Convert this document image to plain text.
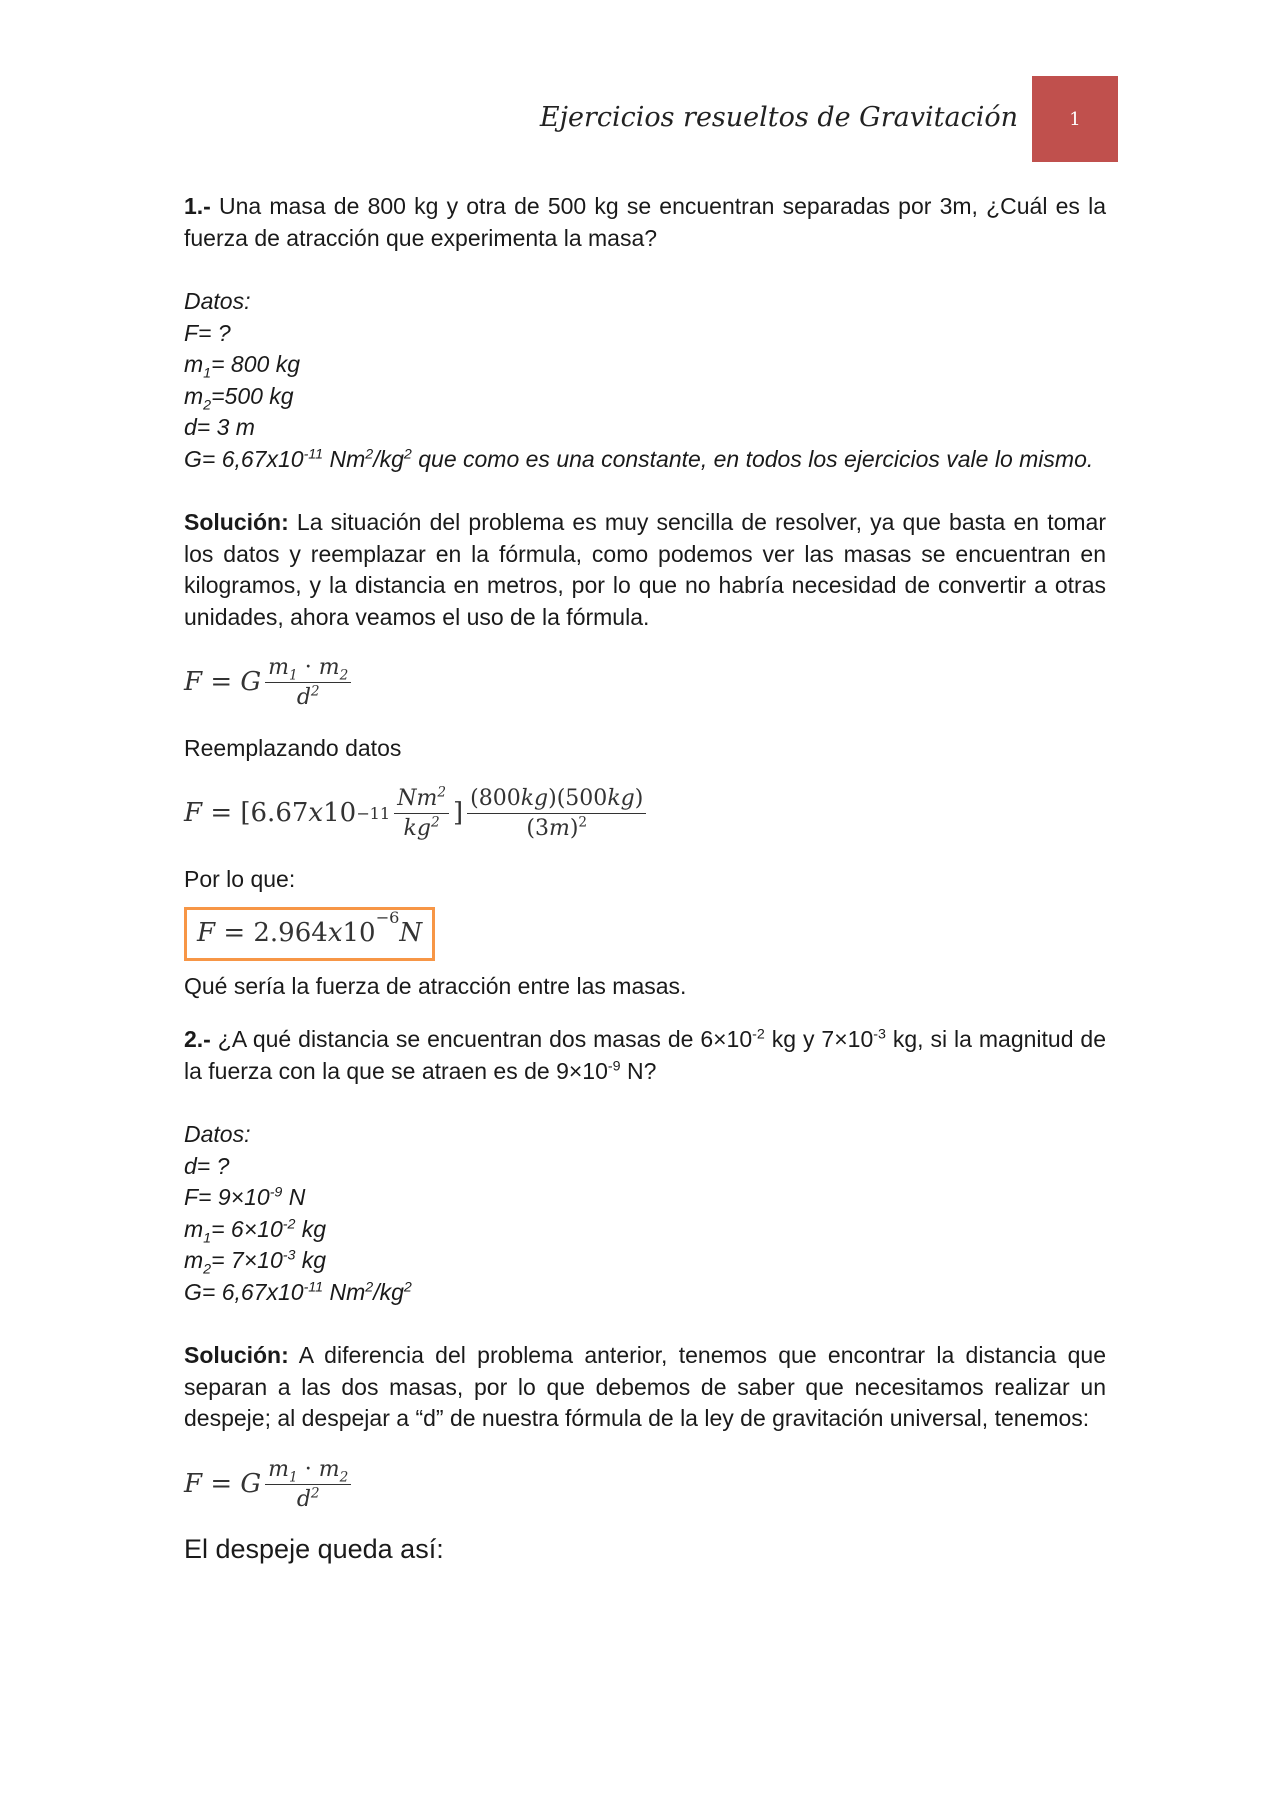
Ejercicios resueltos de Gravitación	1

1.- Una masa de 800 kg y otra de 500 kg se encuentran separadas por 3m, ¿Cuál es la fuerza de atracción que experimenta la masa?

Datos:

F= ?

$m_1= 800$ kg

$m_2=500$ kg

d= 3 m

$G= 6,67x10^{-11}$ $Nm^2/kg^2$ que como es una constante, en todos los ejercicios vale lo mismo.

Solución: La situación del problema es muy sencilla de resolver, ya que basta en tomar los datos y reemplazar en la fórmula, como podemos ver las masas se encuentran en kilogramos, y la distancia en metros, por lo que no habría necesidad de convertir a otras unidades, ahora veamos el uso de la fórmula.

F = G $\frac{m_1 \cdot m_2}{d^2}$

Reemplazando datos

F =
[6.67 x $10 -11 \frac{Nm^2}{kg^2}$ ] $\frac{(800kg)(500kg)}{(3m)^2}$

Por lo que:

F =
2.964 x 10
−6
N

Qué sería la fuerza de atracción entre las masas.

2.- ¿A qué distancia se encuentran dos masas de $6\times 10^{-2}$ kg y $7\times 10^{-3}$ kg, si la magnitud de la fuerza con la que se atraen es de $9\times 10^{-9}$ N?

Datos:

d= ?

$F= 9\times 10^{-9}$ N

$m_1= 6\times 10^{-2}$ kg

$m_2= 7\times 10^{-3}$ kg

$G= 6,67x10^{-11}$ $Nm^2/kg^2$

Solución: A diferencia del problema anterior, tenemos que encontrar la distancia que separan a las dos masas, por lo que debemos de saber que necesitamos realizar un despeje; al despejar a “d” de nuestra fórmula de la ley de gravitación universal, tenemos:

F = G $\frac{m_1 \cdot m_2}{d^2}$

El despeje queda así:
